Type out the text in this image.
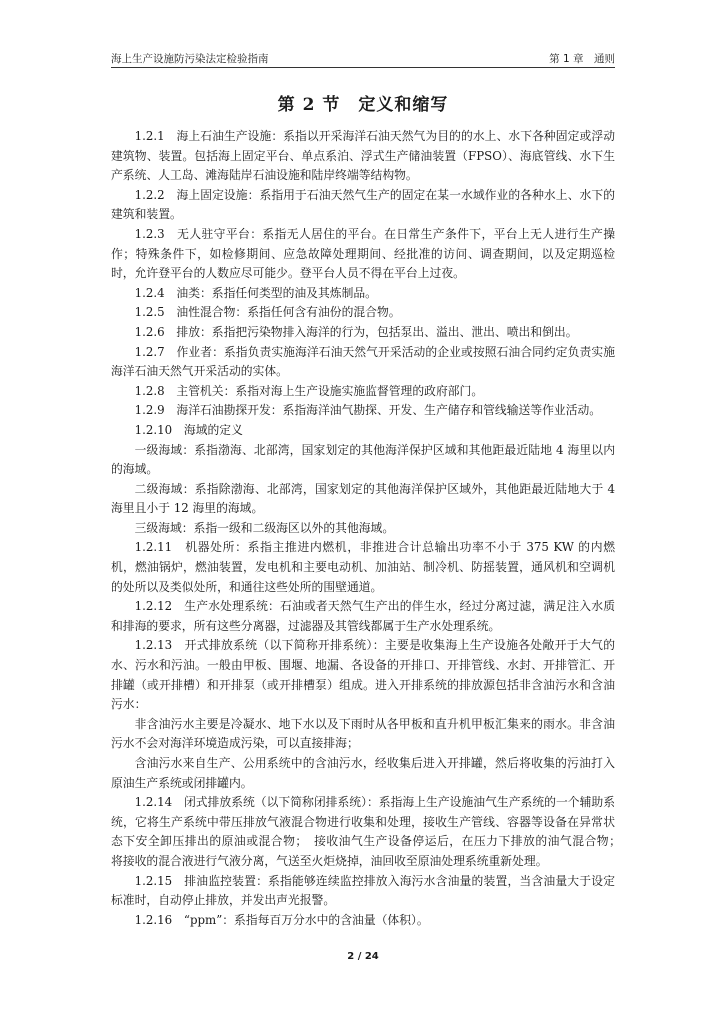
海上生产设施防污染法定检验指南	第 1 章　通则
第 2 节　定义和缩写

1.2.1　海上石油生产设施：系指以开采海洋石油天然气为目的的水上、水下各种固定或浮动建筑物、装置。包括海上固定平台、单点系泊、浮式生产储油装置（FPSO）、海底管线、水下生产系统、人工岛、滩海陆岸石油设施和陆岸终端等结构物。

1.2.2　海上固定设施：系指用于石油天然气生产的固定在某一水域作业的各种水上、水下的建筑和装置。

1.2.3　无人驻守平台：系指无人居住的平台。在日常生产条件下，平台上无人进行生产操作；特殊条件下，如检修期间、应急故障处理期间、经批准的访问、调查期间，以及定期巡检时，允许登平台的人数应尽可能少。登平台人员不得在平台上过夜。

1.2.4　油类：系指任何类型的油及其炼制品。

1.2.5　油性混合物：系指任何含有油份的混合物。

1.2.6　排放：系指把污染物排入海洋的行为，包括泵出、溢出、泄出、喷出和倒出。

1.2.7　作业者：系指负责实施海洋石油天然气开采活动的企业或按照石油合同约定负责实施海洋石油天然气开采活动的实体。

1.2.8　主管机关：系指对海上生产设施实施监督管理的政府部门。

1.2.9　海洋石油勘探开发：系指海洋油气勘探、开发、生产储存和管线输送等作业活动。

1.2.10　海域的定义

一级海域：系指渤海、北部湾，国家划定的其他海洋保护区域和其他距最近陆地 4 海里以内的海域。

二级海域：系指除渤海、北部湾，国家划定的其他海洋保护区域外，其他距最近陆地大于 4 海里且小于 12 海里的海域。

三级海域：系指一级和二级海区以外的其他海域。

1.2.11　机器处所：系指主推进内燃机，非推进合计总输出功率不小于 375 KW 的内燃机，燃油锅炉，燃油装置，发电机和主要电动机、加油站、制冷机、防摇装置，通风机和空调机的处所以及类似处所，和通往这些处所的围壁通道。

1.2.12　生产水处理系统：石油或者天然气生产出的伴生水，经过分离过滤，满足注入水质和排海的要求，所有这些分离器，过滤器及其管线都属于生产水处理系统。

1.2.13　开式排放系统（以下简称开排系统）：主要是收集海上生产设施各处敞开于大气的水、污水和污油。一般由甲板、围堰、地漏、各设备的开排口、开排管线、水封、开排管汇、开排罐（或开排槽）和开排泵（或开排槽泵）组成。进入开排系统的排放源包括非含油污水和含油污水：

非含油污水主要是冷凝水、地下水以及下雨时从各甲板和直升机甲板汇集来的雨水。非含油污水不会对海洋环境造成污染，可以直接排海；

含油污水来自生产、公用系统中的含油污水，经收集后进入开排罐，然后将收集的污油打入原油生产系统或闭排罐内。

1.2.14　闭式排放系统（以下简称闭排系统）：系指海上生产设施油气生产系统的一个辅助系统，它将生产系统中带压排放气液混合物进行收集和处理，接收生产管线、容器等设备在异常状态下安全卸压排出的原油或混合物；　接收油气生产设备停运后，在压力下排放的油气混合物；　将接收的混合液进行气液分离，气送至火炬烧掉，油回收至原油处理系统重新处理。

1.2.15　排油监控装置：系指能够连续监控排放入海污水含油量的装置，当含油量大于设定标准时，自动停止排放，并发出声光报警。

1.2.16　“ppm”：系指每百万分水中的含油量（体积）。

2 / 24
